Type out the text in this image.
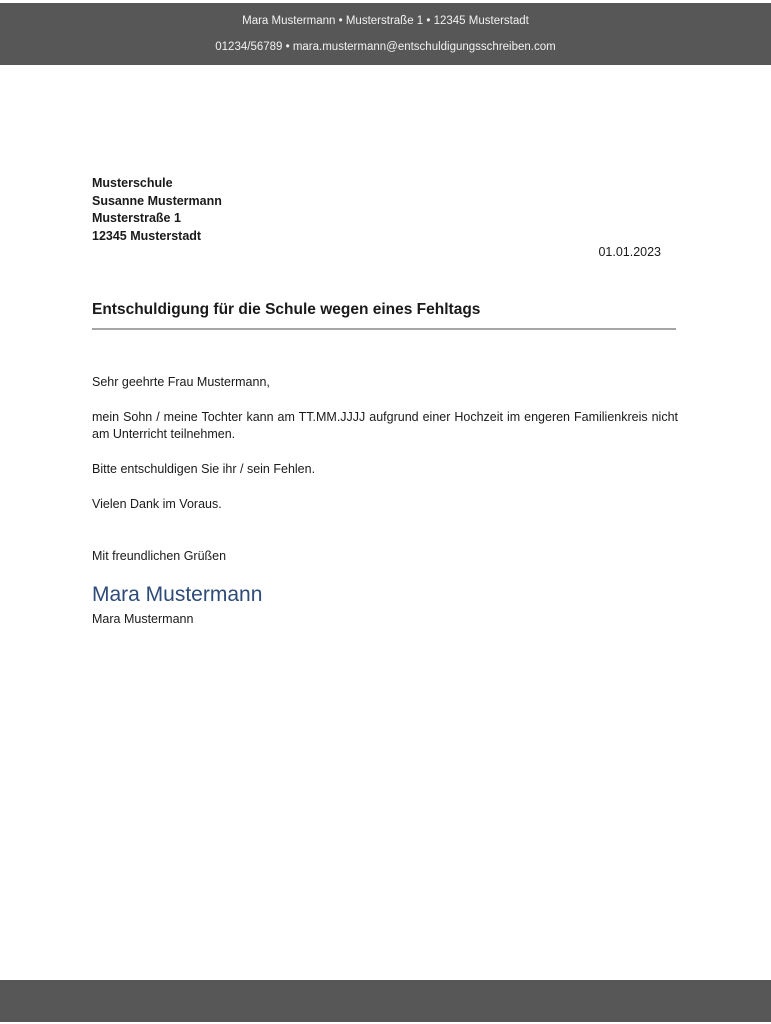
Mara Mustermann • Musterstraße 1 • 12345 Musterstadt
01234/56789 • mara.mustermann@entschuldigungsschreiben.com
Musterschule
Susanne Mustermann
Musterstraße 1
12345 Musterstadt
01.01.2023
Entschuldigung für die Schule wegen eines Fehltags
Sehr geehrte Frau Mustermann,
mein Sohn / meine Tochter kann am TT.MM.JJJJ aufgrund einer Hochzeit im engeren Familienkreis nicht am Unterricht teilnehmen.
Bitte entschuldigen Sie ihr / sein Fehlen.
Vielen Dank im Voraus.
Mit freundlichen Grüßen
Mara Mustermann
Mara Mustermann
